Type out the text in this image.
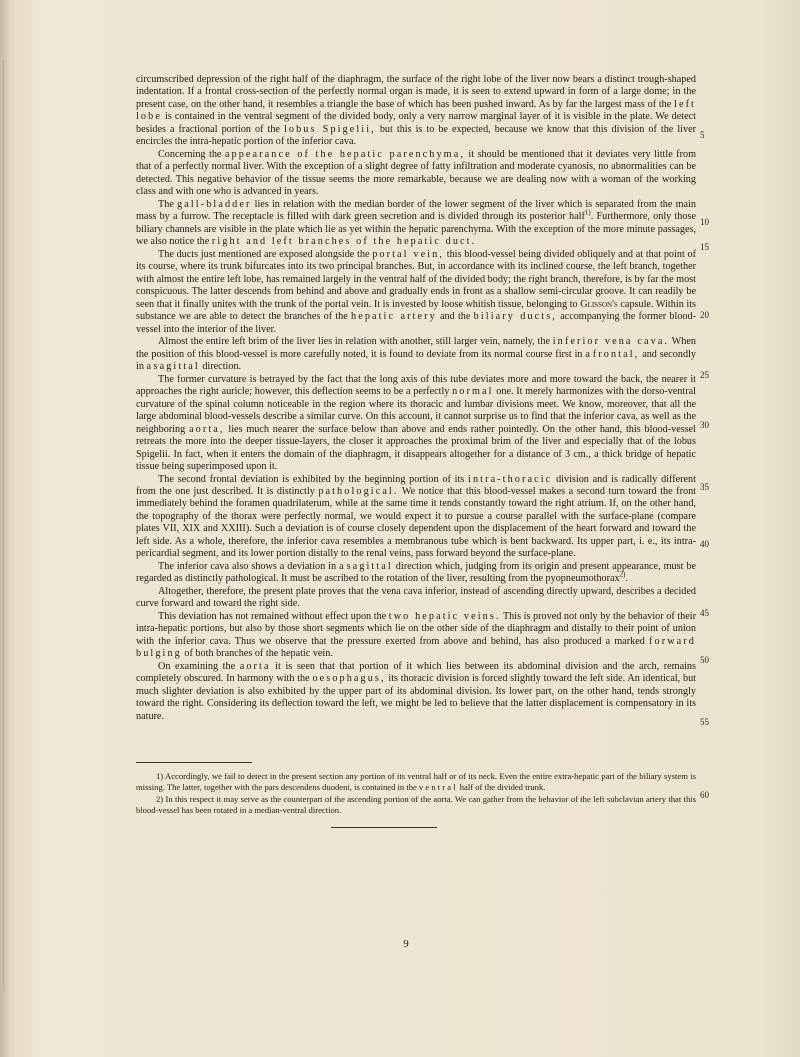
circumscribed depression of the right half of the diaphragm, the surface of the right lobe of the liver now bears a distinct trough-shaped indentation. If a frontal cross-section of the perfectly normal organ is made, it is seen to extend upward in form of a large dome; in the present case, on the other hand, it resembles a triangle the base of which has been pushed inward. As by far the largest mass of the left lobe is contained in the ventral segment of the divided body, only a very narrow marginal layer of it is visible in the plate. We detect besides a fractional portion of the lobus Spigelii, but this is to be expected, because we know that this division of the liver encircles the intra-hepatic portion of the inferior cava.

Concerning the appearance of the hepatic parenchyma, it should be mentioned that it deviates very little from that of a perfectly normal liver. With the exception of a slight degree of fatty infiltration and moderate cyanosis, no abnormalities can be detected. This negative behavior of the tissue seems the more remarkable, because we are dealing now with a woman of the working class and with one who is advanced in years.

The gall-bladder lies in relation with the median border of the lower segment of the liver which is separated from the main mass by a furrow. The receptacle is filled with dark green secretion and is divided through its posterior half$^{1)}$. Furthermore, only those biliary channels are visible in the plate which lie as yet within the hepatic parenchyma. With the exception of the more minute passages, we also notice the right and left branches of the hepatic duct.

The ducts just mentioned are exposed alongside the portal vein, this blood-vessel being divided obliquely and at that point of its course, where its trunk bifurcates into its two principal branches. But, in accordance with its inclined course, the left branch, together with almost the entire left lobe, has remained largely in the ventral half of the divided body; the right branch, therefore, is by far the most conspicuous. The latter descends from behind and above and gradually ends in front as a shallow semi-circular groove. It can readily be seen that it finally unites with the trunk of the portal vein. It is invested by loose whitish tissue, belonging to Glisson's capsule. Within its substance we are able to detect the branches of the hepatic artery and the biliary ducts, accompanying the former blood-vessel into the interior of the liver.

Almost the entire left brim of the liver lies in relation with another, still larger vein, namely, the inferior vena cava. When the position of this blood-vessel is more carefully noted, it is found to deviate from its normal course first in a frontal, and secondly in a sagittal direction.

The former curvature is betrayed by the fact that the long axis of this tube deviates more and more toward the back, the nearer it approaches the right auricle; however, this deflection seems to be a perfectly normal one. It merely harmonizes with the dorso-ventral curvature of the spinal column noticeable in the region where its thoracic and lumbar divisions meet. We know, moreover, that all the large abdominal blood-vessels describe a similar curve. On this account, it cannot surprise us to find that the inferior cava, as well as the neighboring aorta, lies much nearer the surface below than above and ends rather pointedly. On the other hand, this blood-vessel retreats the more into the deeper tissue-layers, the closer it approaches the proximal brim of the liver and especially that of the lobus Spigelii. In fact, when it enters the domain of the diaphragm, it disappears altogether for a distance of 3 cm., a thick bridge of hepatic tissue being superimposed upon it.

The second frontal deviation is exhibited by the beginning portion of its intra-thoracic division and is radically different from the one just described. It is distinctly pathological. We notice that this blood-vessel makes a second turn toward the front immediately behind the foramen quadrilaterum, while at the same time it tends constantly toward the right atrium. If, on the other hand, the topography of the thorax were perfectly normal, we would expect it to pursue a course parallel with the surface-plane (compare plates VII, XIX and XXIII). Such a deviation is of course closely dependent upon the displacement of the heart forward and toward the left side. As a whole, therefore, the inferior cava resembles a membranous tube which is bent backward. Its upper part, i. e., its intra-pericardial segment, and its lower portion distally to the renal veins, pass forward beyond the surface-plane.

The inferior cava also shows a deviation in a sagittal direction which, judging from its origin and present appearance, must be regarded as distinctly pathological. It must be ascribed to the rotation of the liver, resulting from the pyopneumothorax$^{2)}$.

Altogether, therefore, the present plate proves that the vena cava inferior, instead of ascending directly upward, describes a decided curve forward and toward the right side.

This deviation has not remained without effect upon the two hepatic veins. This is proved not only by the behavior of their intra-hepatic portions, but also by those short segments which lie on the other side of the diaphragm and distally to their point of union with the inferior cava. Thus we observe that the pressure exerted from above and behind, has also produced a marked forward bulging of both branches of the hepatic vein.

On examining the aorta it is seen that that portion of it which lies between its abdominal division and the arch, remains completely obscured. In harmony with the oesophagus, its thoracic division is forced slightly toward the left side. An identical, but much slighter deviation is also exhibited by the upper part of its abdominal division. Its lower part, on the other hand, tends strongly toward the right. Considering its deflection toward the left, we might be led to believe that the latter displacement is compensatory in its nature.

5
10
15
20
25
30
35
40
45
50
55
60

1) Accordingly, we fail to detect in the present section any portion of its ventral half or of its neck. Even the entire extra-hepatic part of the biliary system is missing. The latter, together with the pars descendens duodeni, is contained in the ventral half of the divided trunk.

2) In this respect it may serve as the counterpart of the ascending portion of the aorta. We can gather from the behavior of the left subclavian artery that this blood-vessel has been rotated in a median-ventral direction.

9
